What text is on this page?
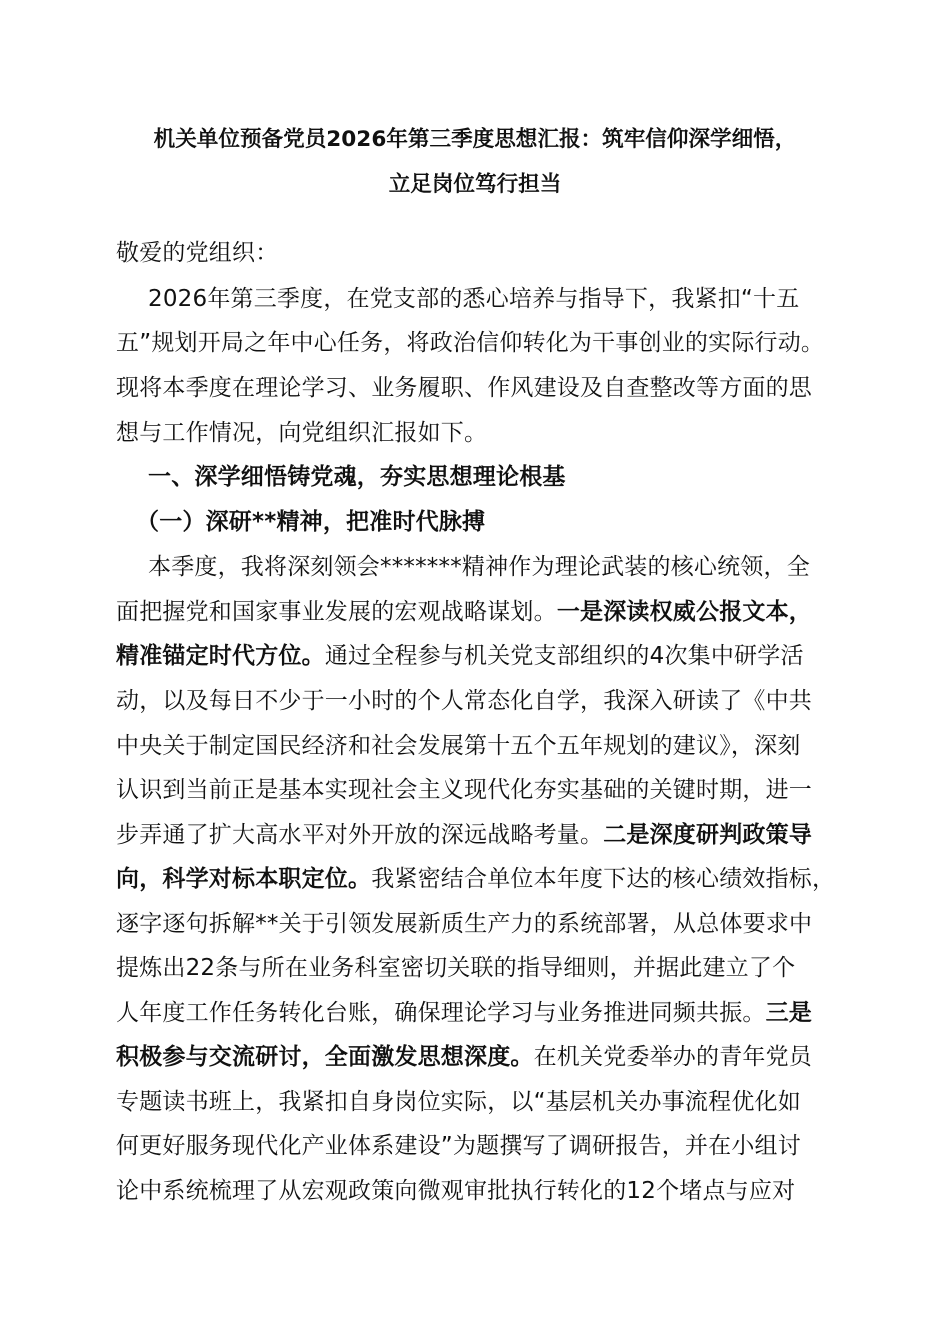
机关单位预备党员2026年第三季度思想汇报：筑牢信仰深学细悟，
立足岗位笃行担当
敬爱的党组织：
2026年第三季度，在党支部的悉心培养与指导下，我紧扣“十五
五”规划开局之年中心任务，将政治信仰转化为干事创业的实际行动。
现将本季度在理论学习、业务履职、作风建设及自查整改等方面的思
想与工作情况，向党组织汇报如下。
一、深学细悟铸党魂，夯实思想理论根基
（一）深研**精神，把准时代脉搏
本季度，我将深刻领会*******精神作为理论武装的核心统领，全
面把握党和国家事业发展的宏观战略谋划。一是深读权威公报文本，
精准锚定时代方位。通过全程参与机关党支部组织的4次集中研学活
动，以及每日不少于一小时的个人常态化自学，我深入研读了《中共
中央关于制定国民经济和社会发展第十五个五年规划的建议》，深刻
认识到当前正是基本实现社会主义现代化夯实基础的关键时期，进一
步弄通了扩大高水平对外开放的深远战略考量。二是深度研判政策导
向，科学对标本职定位。我紧密结合单位本年度下达的核心绩效指标，
逐字逐句拆解**关于引领发展新质生产力的系统部署，从总体要求中
提炼出22条与所在业务科室密切关联的指导细则，并据此建立了个
人年度工作任务转化台账，确保理论学习与业务推进同频共振。三是
积极参与交流研讨，全面激发思想深度。在机关党委举办的青年党员
专题读书班上，我紧扣自身岗位实际，以“基层机关办事流程优化如
何更好服务现代化产业体系建设”为题撰写了调研报告，并在小组讨
论中系统梳理了从宏观政策向微观审批执行转化的12个堵点与应对
